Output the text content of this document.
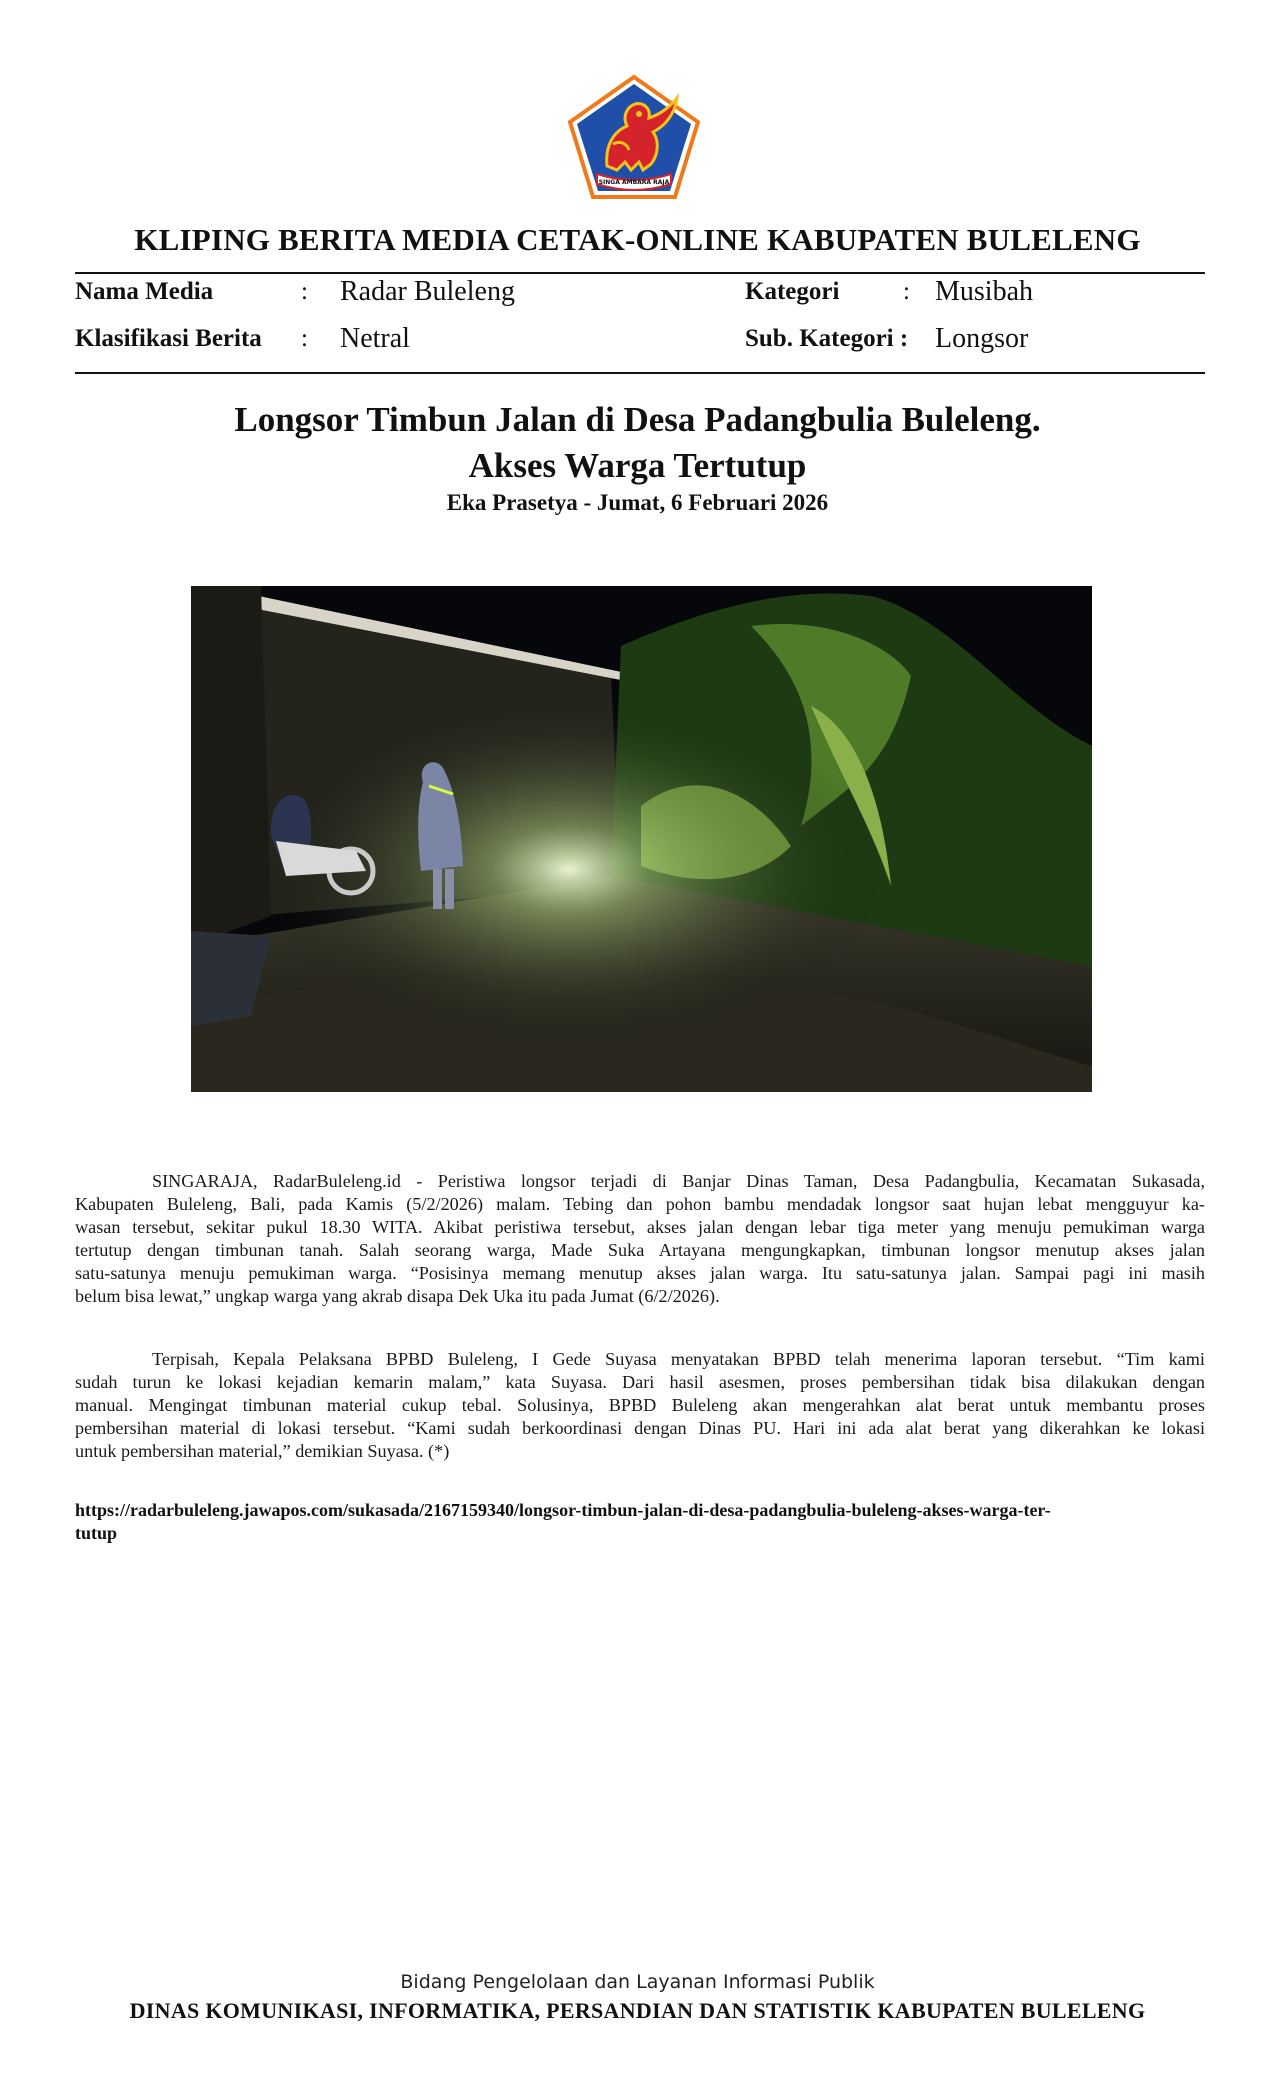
SINGA AMBARA RAJA
KLIPING BERITA MEDIA CETAK-ONLINE KABUPATEN BULELENG
Nama Media	: Radar Buleleng	Kategori	: Musibah
Klasifikasi Berita : Netral	Sub. Kategori : Longsor
Longsor Timbun Jalan di Desa Padangbulia Buleleng.
Akses Warga Tertutup
Eka Prasetya - Jumat, 6 Februari 2026
SINGARAJA, RadarBuleleng.id - Peristiwa longsor terjadi di Banjar Dinas Taman, Desa Padangbulia, Kecamatan Sukasada,
Kabupaten Buleleng, Bali, pada Kamis (5/2/2026) malam. Tebing dan pohon bambu mendadak longsor saat hujan lebat mengguyur ka-
wasan tersebut, sekitar pukul 18.30 WITA. Akibat peristiwa tersebut, akses jalan dengan lebar tiga meter yang menuju pemukiman warga
tertutup dengan timbunan tanah. Salah seorang warga, Made Suka Artayana mengungkapkan, timbunan longsor menutup akses jalan
satu-satunya menuju pemukiman warga. “Posisinya memang menutup akses jalan warga. Itu satu-satunya jalan. Sampai pagi ini masih
belum bisa lewat,” ungkap warga yang akrab disapa Dek Uka itu pada Jumat (6/2/2026).
Terpisah, Kepala Pelaksana BPBD Buleleng, I Gede Suyasa menyatakan BPBD telah menerima laporan tersebut. “Tim kami
sudah turun ke lokasi kejadian kemarin malam,” kata Suyasa. Dari hasil asesmen, proses pembersihan tidak bisa dilakukan dengan
manual. Mengingat timbunan material cukup tebal. Solusinya, BPBD Buleleng akan mengerahkan alat berat untuk membantu proses
pembersihan material di lokasi tersebut. “Kami sudah berkoordinasi dengan Dinas PU. Hari ini ada alat berat yang dikerahkan ke lokasi
untuk pembersihan material,” demikian Suyasa. (*)
https://radarbuleleng.jawapos.com/sukasada/2167159340/longsor-timbun-jalan-di-desa-padangbulia-buleleng-akses-warga-ter-
tutup
Bidang Pengelolaan dan Layanan Informasi Publik
DINAS KOMUNIKASI, INFORMATIKA, PERSANDIAN DAN STATISTIK KABUPATEN BULELENG
